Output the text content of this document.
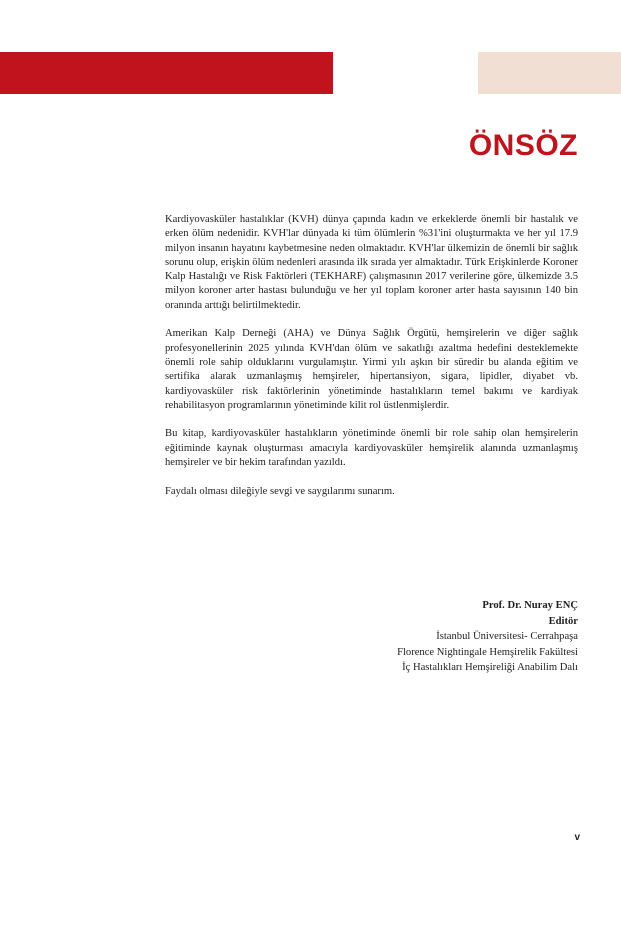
ÖNSÖZ

Kardiyovasküler hastalıklar (KVH) dünya çapında kadın ve erkeklerde önemli bir hastalık ve erken ölüm nedenidir. KVH'lar dünyada ki tüm ölümlerin %31'ini oluşturmakta ve her yıl 17.9 milyon insanın hayatını kaybetmesine neden olmaktadır. KVH'lar ülkemizin de önemli bir sağlık sorunu olup, erişkin ölüm nedenleri arasında ilk sırada yer almaktadır. Türk Erişkinlerde Koroner Kalp Hastalığı ve Risk Faktörleri (TEKHARF) çalışmasının 2017 verilerine göre, ülkemizde 3.5 milyon koroner arter hastası bulunduğu ve her yıl toplam koroner arter hasta sayısının 140 bin oranında arttığı belirtilmektedir.

Amerikan Kalp Derneği (AHA) ve Dünya Sağlık Örgütü, hemşirelerin ve diğer sağlık profesyonellerinin 2025 yılında KVH'dan ölüm ve sakatlığı azaltma hedefini desteklemekte önemli role sahip olduklarını vurgulamıştır. Yirmi yılı aşkın bir süredir bu alanda eğitim ve sertifika alarak uzmanlaşmış hemşireler, hipertansiyon, sigara, lipidler, diyabet vb. kardiyovasküler risk faktörlerinin yönetiminde hastalıkların temel bakımı ve kardiyak rehabilitasyon programlarının yönetiminde kilit rol üstlenmişlerdir.

Bu kitap, kardiyovasküler hastalıkların yönetiminde önemli bir role sahip olan hemşirelerin eğitiminde kaynak oluşturması amacıyla kardiyovasküler hemşirelik alanında uzmanlaşmış hemşireler ve bir hekim tarafından yazıldı.

Faydalı olması dileğiyle sevgi ve saygılarımı sunarım.

Prof. Dr. Nuray ENÇ
Editör
İstanbul Üniversitesi- Cerrahpaşa
Florence Nightingale Hemşirelik Fakültesi
İç Hastalıkları Hemşireliği Anabilim Dalı
v
